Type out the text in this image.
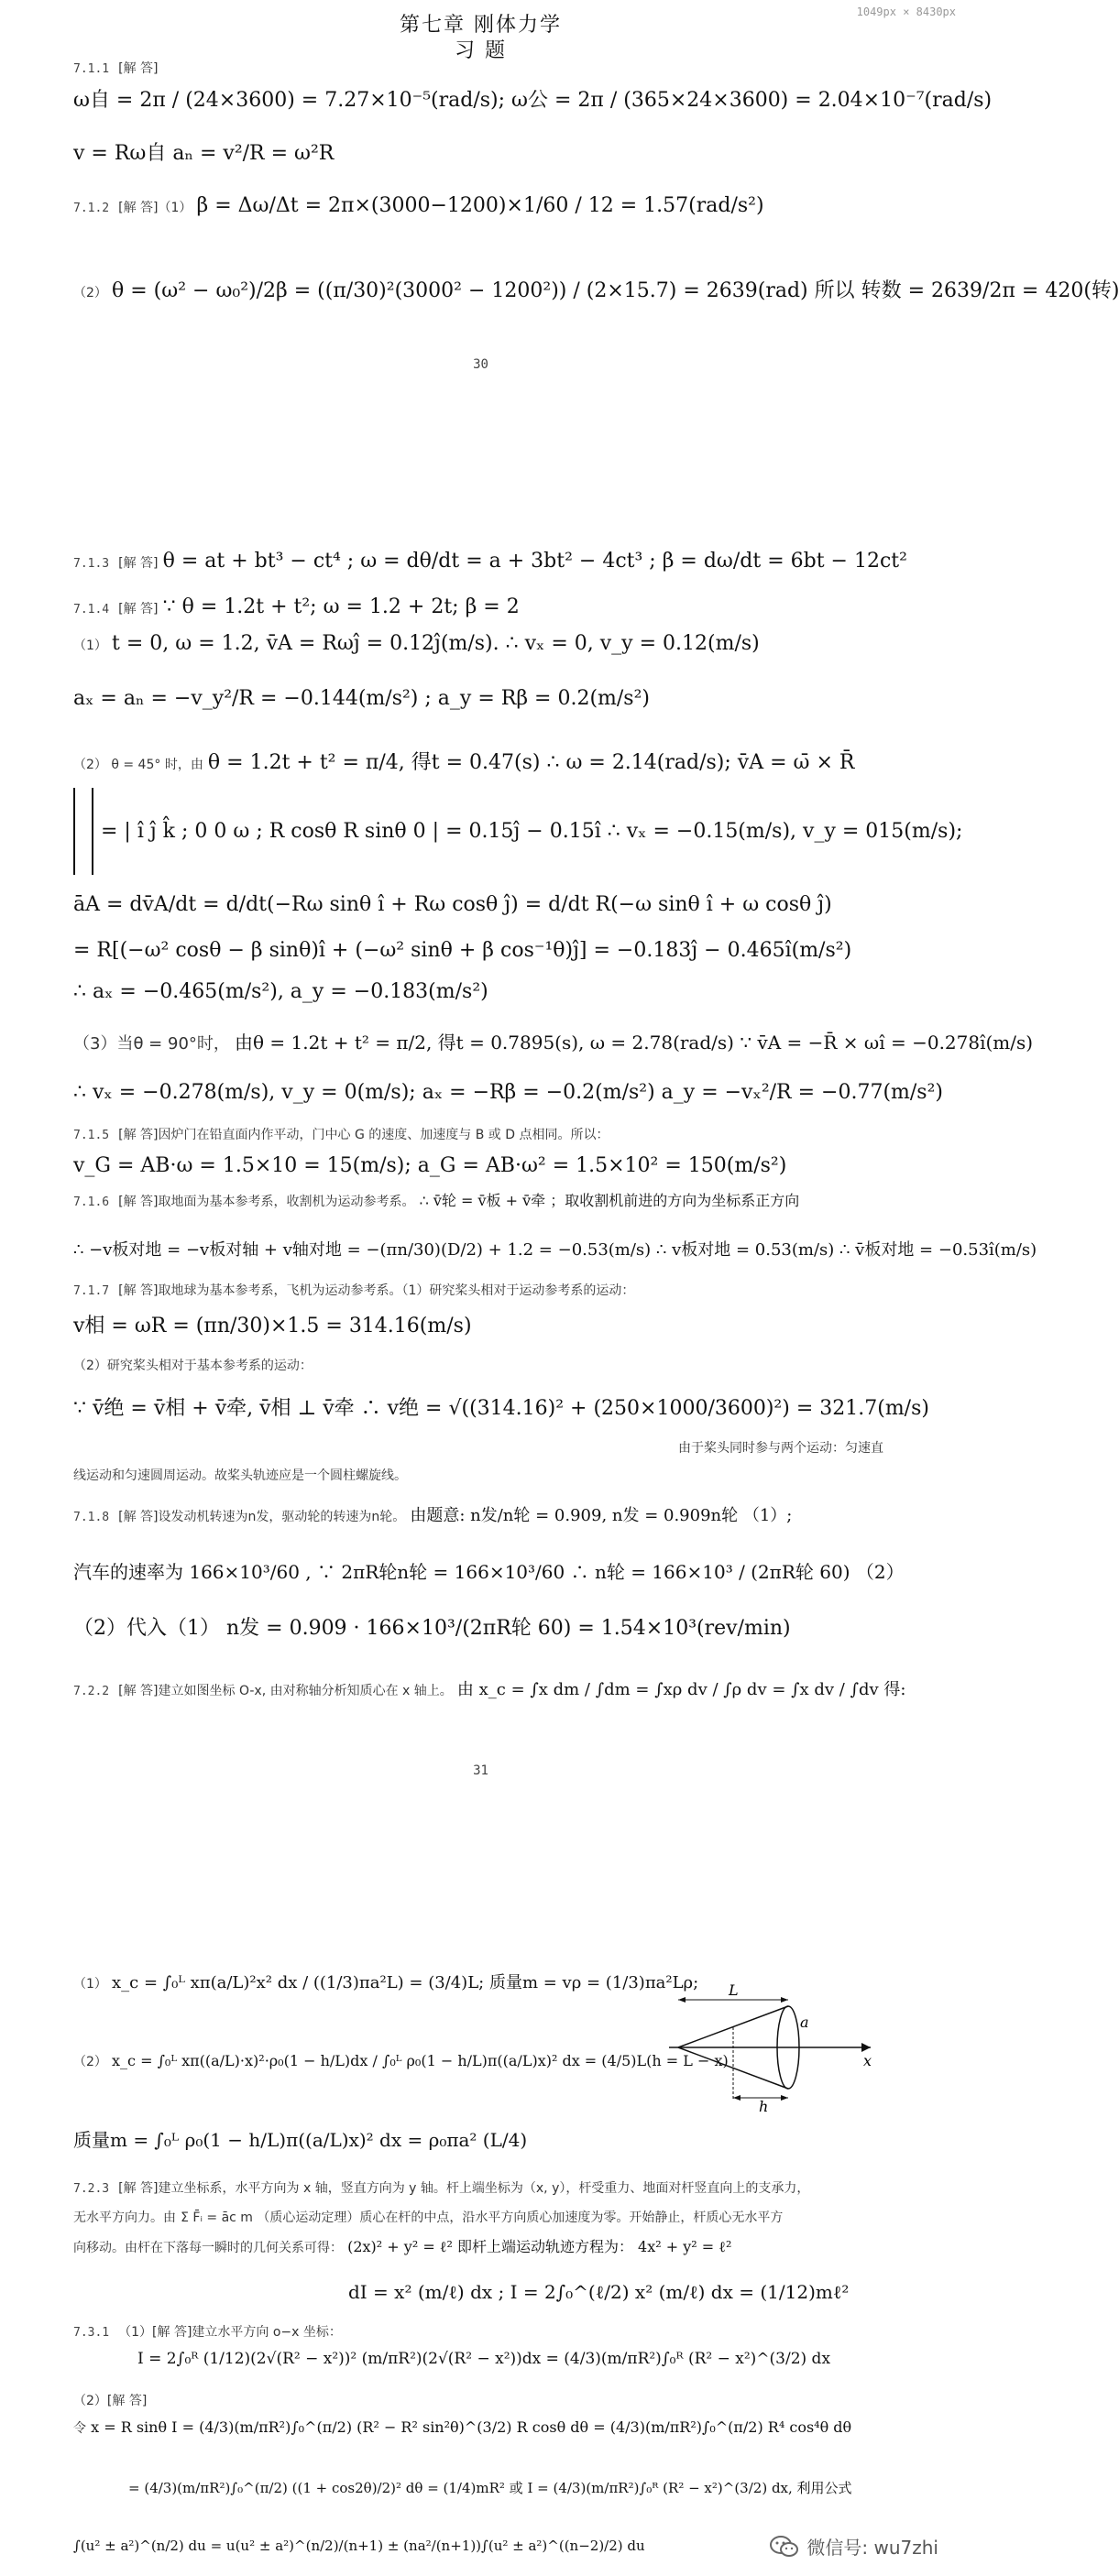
1049px × 8430px
第七章 刚体力学
习 题
7.1.1 [解 答]
ω自 = 2π / (24×3600) = 7.27×10⁻⁵(rad/s); ω公 = 2π / (365×24×3600) = 2.04×10⁻⁷(rad/s)
v = Rω自 aₙ = v²/R = ω²R
7.1.2 [解 答]（1） β = Δω/Δt = 2π×(3000−1200)×1/60 / 12 = 1.57(rad/s²)
（2） θ = (ω² − ω₀²)/2β = ((π/30)²(3000² − 1200²)) / (2×15.7) = 2639(rad) 所以 转数 = 2639/2π = 420(转)
30
7.1.3 [解 答] θ = at + bt³ − ct⁴ ; ω = dθ/dt = a + 3bt² − 4ct³ ; β = dω/dt = 6bt − 12ct²
7.1.4 [解 答] ∵ θ = 1.2t + t²; ω = 1.2 + 2t; β = 2
（1） t = 0, ω = 1.2, v̄A = Rωĵ = 0.12ĵ(m/s). ∴ vₓ = 0, v_y = 0.12(m/s)
aₓ = aₙ = −v_y²/R = −0.144(m/s²) ; a_y = Rβ = 0.2(m/s²)
（2） θ = 45° 时，由 θ = 1.2t + t² = π/4, 得t = 0.47(s) ∴ ω = 2.14(rad/s); v̄A = ω̄ × R̄
= | î ĵ k̂ ; 0 0 ω ; R cosθ R sinθ 0 | = 0.15ĵ − 0.15î ∴ vₓ = −0.15(m/s), v_y = 015(m/s);
āA = dv̄A/dt = d/dt(−Rω sinθ î + Rω cosθ ĵ) = d/dt R(−ω sinθ î + ω cosθ ĵ)
= R[(−ω² cosθ − β sinθ)î + (−ω² sinθ + β cos⁻¹θ)ĵ] = −0.183ĵ − 0.465î(m/s²)
∴ aₓ = −0.465(m/s²), a_y = −0.183(m/s²)
（3）当θ = 90°时， 由θ = 1.2t + t² = π/2, 得t = 0.7895(s), ω = 2.78(rad/s) ∵ v̄A = −R̄ × ωî = −0.278î(m/s)
∴ vₓ = −0.278(m/s), v_y = 0(m/s); aₓ = −Rβ = −0.2(m/s²) a_y = −vₓ²/R = −0.77(m/s²)
7.1.5 [解 答]因炉门在铅直面内作平动，门中心 G 的速度、加速度与 B 或 D 点相同。所以：
v_G = AB·ω = 1.5×10 = 15(m/s); a_G = AB·ω² = 1.5×10² = 150(m/s²)
7.1.6 [解 答]取地面为基本参考系，收割机为运动参考系。 ∴ v̄轮 = v̄板 + v̄牵 ；取收割机前进的方向为坐标系正方向
∴ −v板对地 = −v板对轴 + v轴对地 = −(πn/30)(D/2) + 1.2 = −0.53(m/s) ∴ v板对地 = 0.53(m/s) ∴ v̄板对地 = −0.53î(m/s)
7.1.7 [解 答]取地球为基本参考系，飞机为运动参考系。（1）研究桨头相对于运动参考系的运动：
v相 = ωR = (πn/30)×1.5 = 314.16(m/s)
（2）研究桨头相对于基本参考系的运动：
∵ v̄绝 = v̄相 + v̄牵, v̄相 ⊥ v̄牵 ∴ v绝 = √((314.16)² + (250×1000/3600)²) = 321.7(m/s)
由于桨头同时参与两个运动：匀速直
线运动和匀速圆周运动。故桨头轨迹应是一个圆柱螺旋线。
7.1.8 [解 答]设发动机转速为n发，驱动轮的转速为n轮。 由题意: n发/n轮 = 0.909, n发 = 0.909n轮 （1）;
汽车的速率为 166×10³/60 , ∵ 2πR轮n轮 = 166×10³/60 ∴ n轮 = 166×10³ / (2πR轮 60) （2）
（2）代入（1） n发 = 0.909 · 166×10³/(2πR轮 60) = 1.54×10³(rev/min)
7.2.2 [解 答]建立如图坐标 O-x, 由对称轴分析知质心在 x 轴上。 由 x_c = ∫x dm / ∫dm = ∫xρ dv / ∫ρ dv = ∫x dv / ∫dv 得:
31
（1） x_c = ∫₀ᴸ xπ(a/L)²x² dx / ((1/3)πa²L) = (3/4)L; 质量m = vρ = (1/3)πa²Lρ;
（2） x_c = ∫₀ᴸ xπ((a/L)·x)²·ρ₀(1 − h/L)dx / ∫₀ᴸ ρ₀(1 − h/L)π((a/L)x)² dx = (4/5)L(h = L − x)
质量m = ∫₀ᴸ ρ₀(1 − h/L)π((a/L)x)² dx = ρ₀πa² (L/4)
L
a
x
h
7.2.3 [解 答]建立坐标系，水平方向为 x 轴，竖直方向为 y 轴。杆上端坐标为（x, y），杆受重力、地面对杆竖直向上的支承力，
无水平方向力。由 Σ F̄ᵢ = āc m （质心运动定理）质心在杆的中点，沿水平方向质心加速度为零。开始静止，杆质心无水平方
向移动。由杆在下落每一瞬时的几何关系可得： (2x)² + y² = ℓ² 即杆上端运动轨迹方程为： 4x² + y² = ℓ²
dI = x² (m/ℓ) dx ; I = 2∫₀^(ℓ/2) x² (m/ℓ) dx = (1/12)mℓ²
7.3.1 （1）[解 答]建立水平方向 o−x 坐标：
I = 2∫₀ᴿ (1/12)(2√(R² − x²))² (m/πR²)(2√(R² − x²))dx = (4/3)(m/πR²)∫₀ᴿ (R² − x²)^(3/2) dx
（2）[解 答]
令 x = R sinθ I = (4/3)(m/πR²)∫₀^(π/2) (R² − R² sin²θ)^(3/2) R cosθ dθ = (4/3)(m/πR²)∫₀^(π/2) R⁴ cos⁴θ dθ
= (4/3)(m/πR²)∫₀^(π/2) ((1 + cos2θ)/2)² dθ = (1/4)mR² 或 I = (4/3)(m/πR²)∫₀ᴿ (R² − x²)^(3/2) dx, 利用公式
∫(u² ± a²)^(n/2) du = u(u² ± a²)^(n/2)/(n+1) ± (na²/(n+1))∫(u² ± a²)^((n−2)/2) du	微信号: wu7zhi
